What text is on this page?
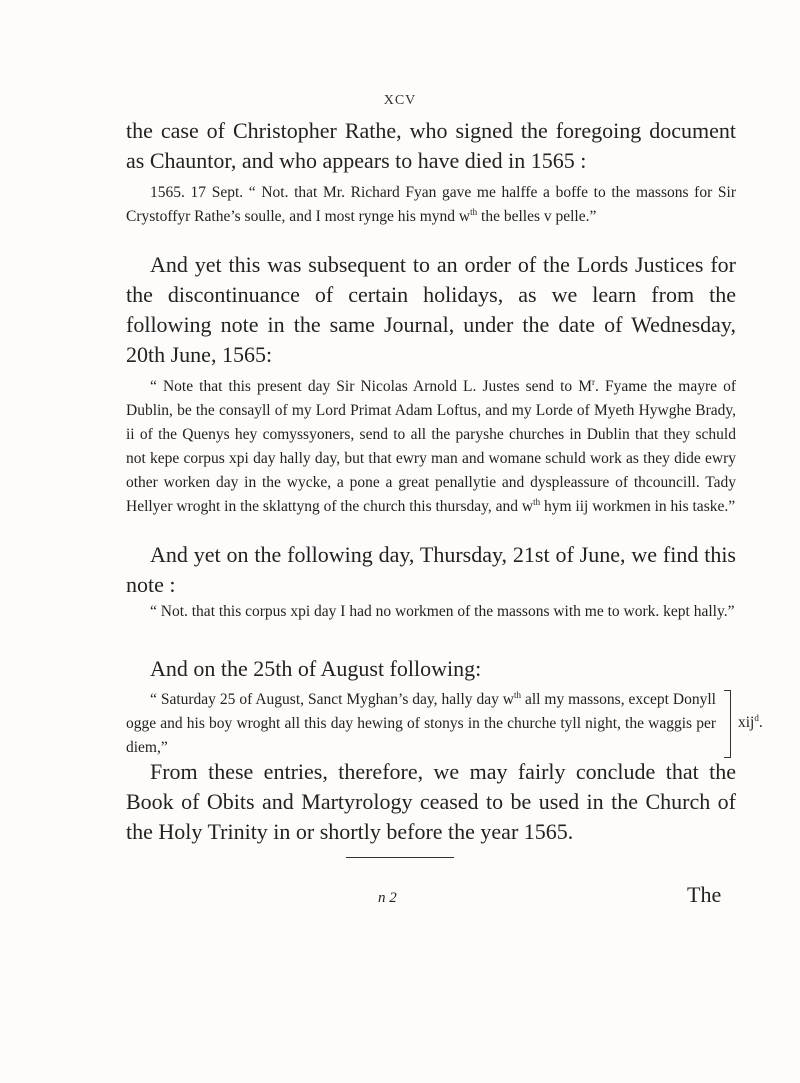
XCV

the case of Christopher Rathe, who signed the foregoing document as Chauntor, and who appears to have died in 1565 :

1565. 17 Sept. “ Not. that Mr. Richard Fyan gave me halffe a boffe to the massons for Sir Crystoffyr Rathe’s soulle, and I most rynge his mynd $w^{th}$ the belles v pelle.”

And yet this was subsequent to an order of the Lords Justices for the discontinuance of certain holidays, as we learn from the following note in the same Journal, under the date of Wednesday, 20th June, 1565:

“ Note that this present day Sir Nicolas Arnold L. Justes send to $M^r$. Fyame the mayre of Dublin, be the consayll of my Lord Primat Adam Loftus, and my Lorde of Myeth Hywghe Brady, ii of the Quenys hey comyssyoners, send to all the paryshe churches in Dublin that they schuld not kepe corpus xpi day hally day, but that ewry man and womane schuld work as they dide ewry other worken day in the wycke, a pone a great penallytie and dyspleassure of thcouncill. Tady Hellyer wroght in the sklattyng of the church this thursday, and $w^{th}$ hym iij workmen in his taske.”

And yet on the following day, Thursday, 21st of June, we find this note :

“ Not. that this corpus xpi day I had no workmen of the massons with me to work. kept hally.”

And on the 25th of August following:

“ Saturday 25 of August, Sanct Myghan’s day, hally day $w^{th}$ all my massons, except Donyll ogge and his boy wroght all this day hewing of stonys in the churche tyll night, the waggis per diem,”

xij$^d$.

From these entries, therefore, we may fairly conclude that the Book of Obits and Martyrology ceased to be used in the Church of the Holy Trinity in or shortly before the year 1565.

n 2	The
